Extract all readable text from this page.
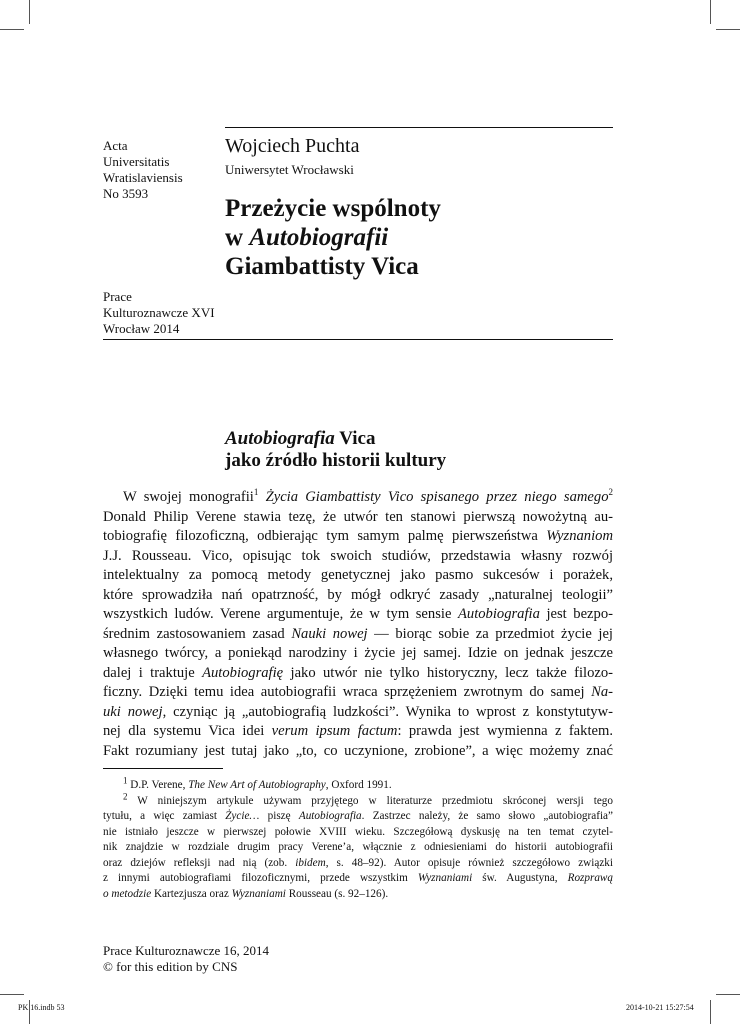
Acta
Universitatis
Wratislaviensis
No 3593
Wojciech Puchta
Uniwersytet Wrocławski
Przeżycie wspólnoty
w Autobiografii
Giambattisty Vica
Prace
Kulturoznawcze XVI
Wrocław 2014
Autobiografia Vica
jako źródło historii kultury
W swojej monografii$^1$ Życia Giambattisty Vico spisanego przez niego samego$^2$
Donald Philip Verene stawia tezę, że utwór ten stanowi pierwszą nowożytną au-
tobiografię filozoficzną, odbierając tym samym palmę pierwszeństwa Wyznaniom
J.J. Rousseau. Vico, opisując tok swoich studiów, przedstawia własny rozwój
intelektualny za pomocą metody genetycznej jako pasmo sukcesów i porażek,
które sprowadziła nań opatrzność, by mógł odkryć zasady „naturalnej teologii”
wszystkich ludów. Verene argumentuje, że w tym sensie Autobiografia jest bezpo-
średnim zastosowaniem zasad Nauki nowej — biorąc sobie za przedmiot życie jej
własnego twórcy, a poniekąd narodziny i życie jej samej. Idzie on jednak jeszcze
dalej i traktuje Autobiografię jako utwór nie tylko historyczny, lecz także filozo-
ficzny. Dzięki temu idea autobiografii wraca sprzężeniem zwrotnym do samej Na-
uki nowej, czyniąc ją „autobiografią ludzkości”. Wynika to wprost z konstytutyw-
nej dla systemu Vica idei verum ipsum factum: prawda jest wymienna z faktem.
Fakt rozumiany jest tutaj jako „to, co uczynione, zrobione”, a więc możemy znać
$^1$ D.P. Verene, The New Art of Autobiography, Oxford 1991.
$^2$ W niniejszym artykule używam przyjętego w literaturze przedmiotu skróconej wersji tego
tytułu, a więc zamiast Życie… piszę Autobiografia. Zastrzec należy, że samo słowo „autobiografia”
nie istniało jeszcze w pierwszej połowie XVIII wieku. Szczegółową dyskusję na ten temat czytel-
nik znajdzie w rozdziale drugim pracy Verene’a, włącznie z odniesieniami do historii autobiografii
oraz dziejów refleksji nad nią (zob. ibidem, s. 48–92). Autor opisuje również szczegółowo związki
z innymi autobiografiami filozoficznymi, przede wszystkim Wyznaniami św. Augustyna, Rozprawą
o metodzie Kartezjusza oraz Wyznaniami Rousseau (s. 92–126).
Prace Kulturoznawcze 16, 2014
© for this edition by CNS
PK 16.indb 53	2014-10-21 15:27:54
